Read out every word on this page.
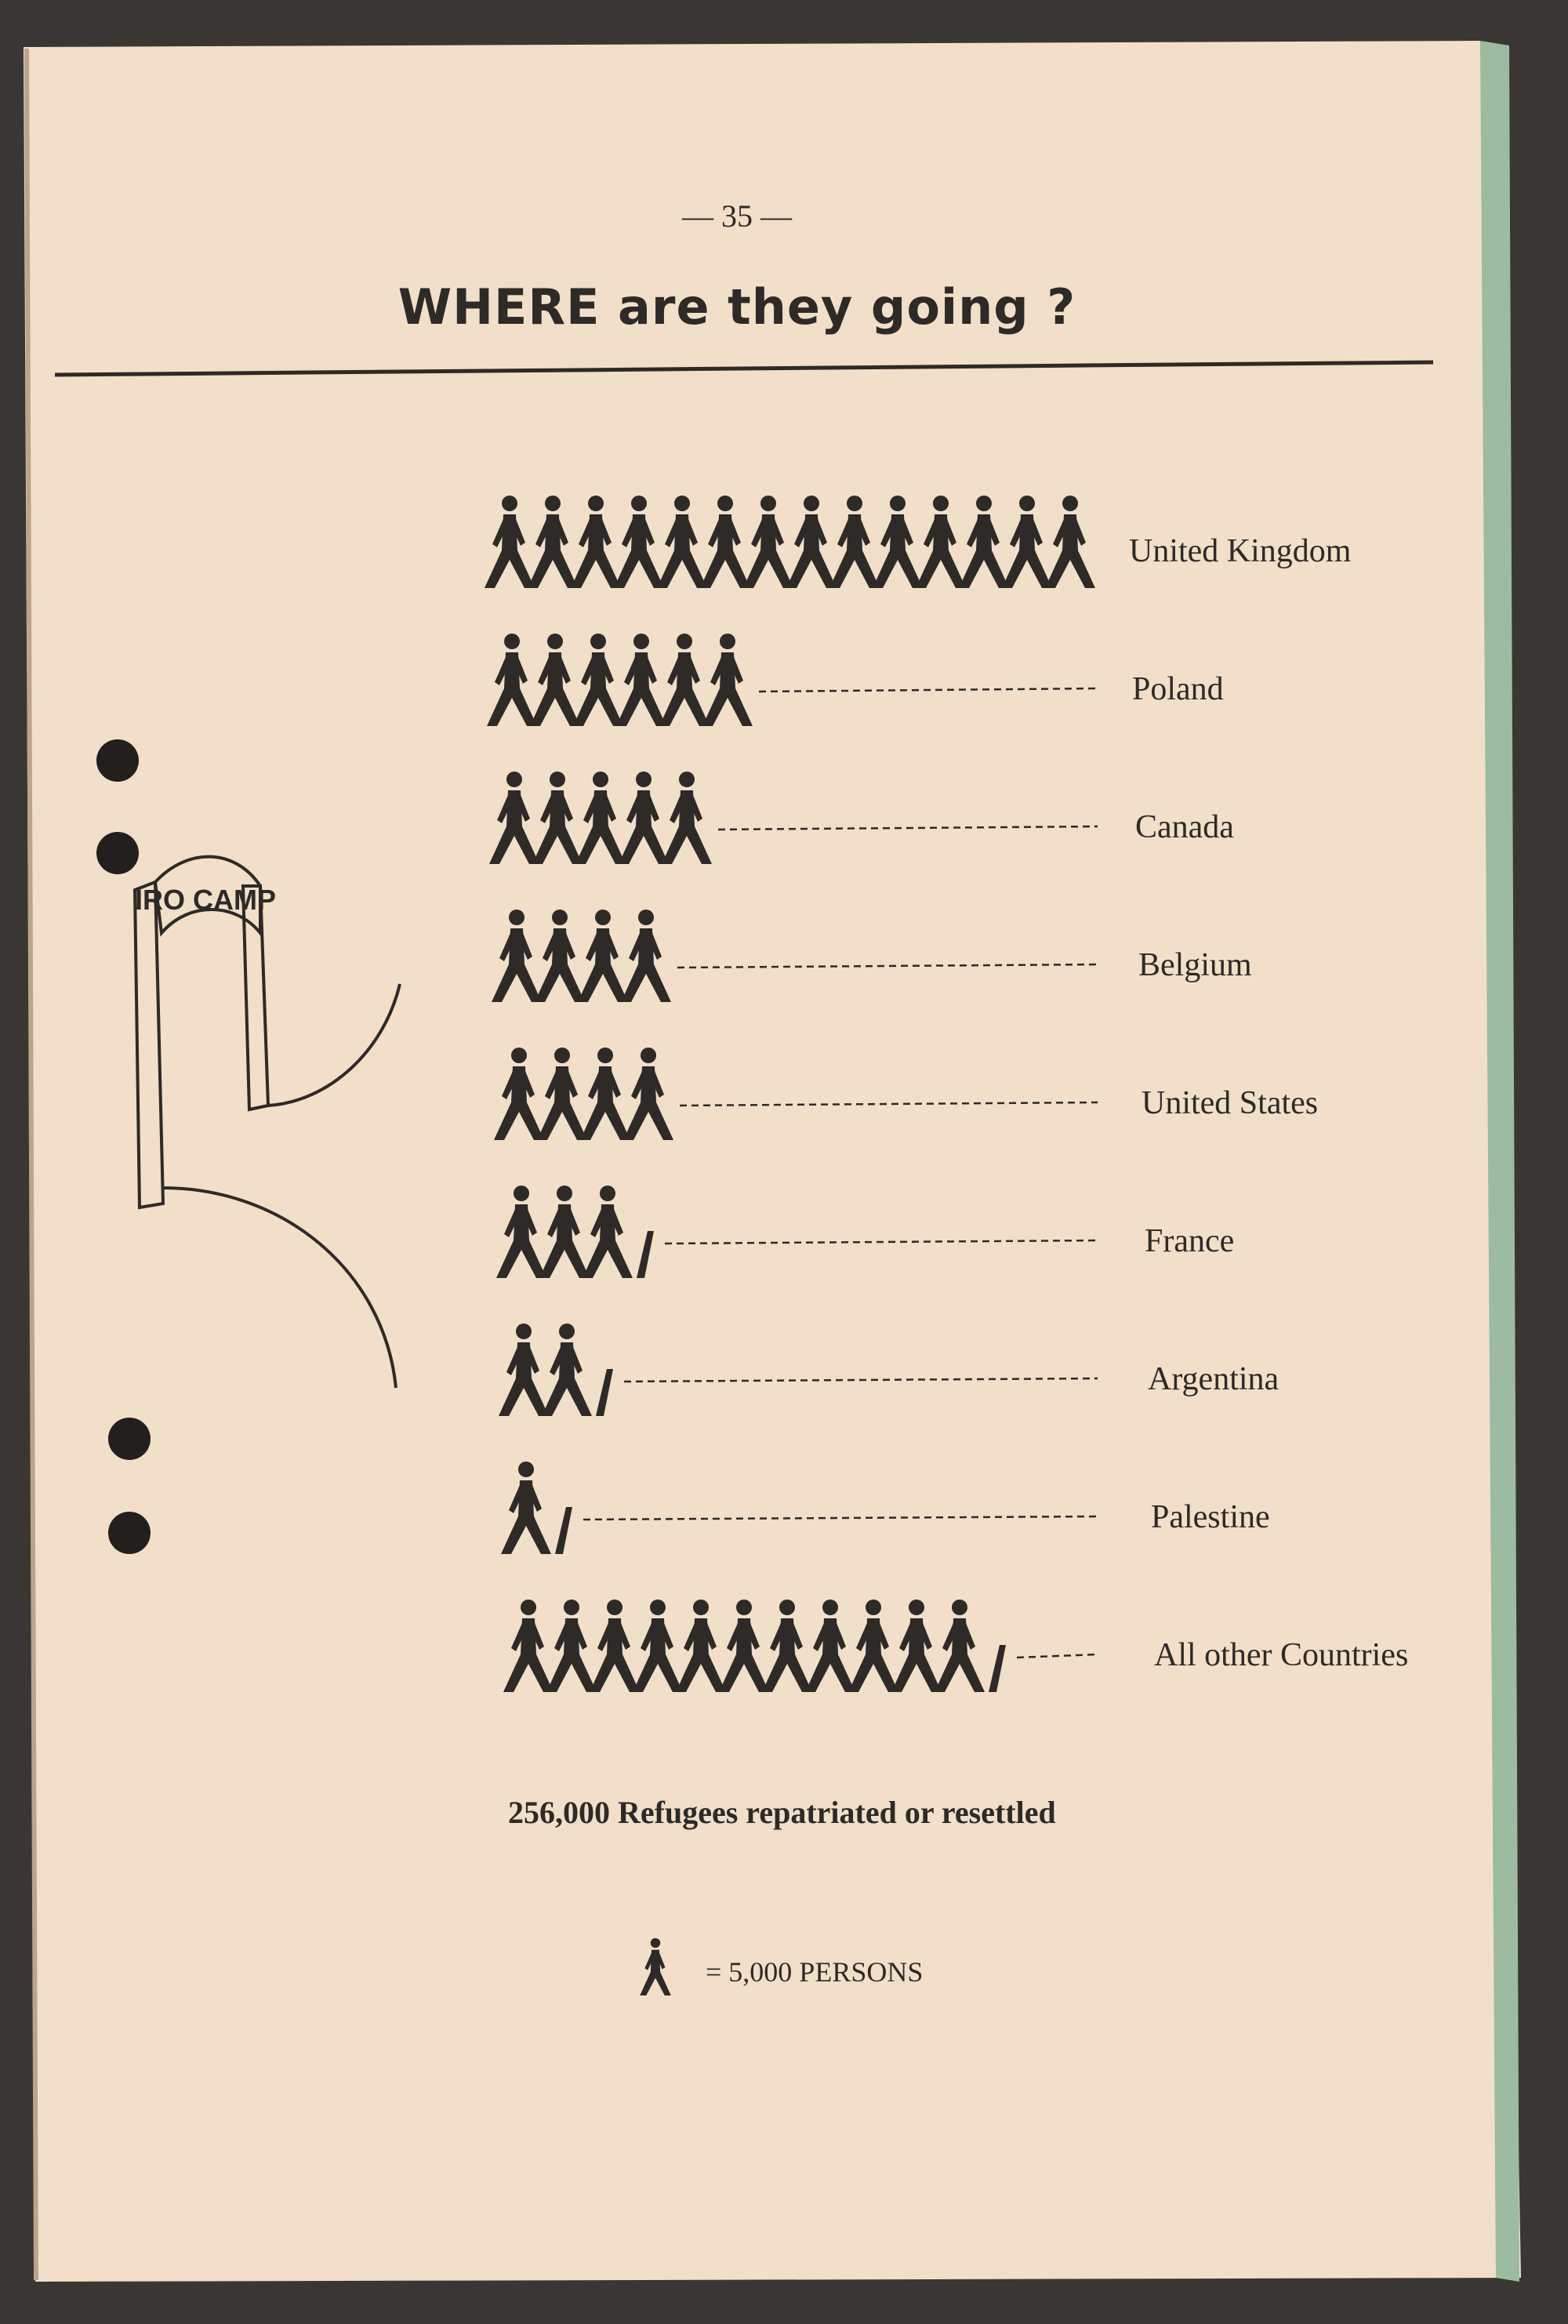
IRO CAMP
United Kingdom
Poland
Canada
Belgium
United States
France
Argentina
Palestine
All other Countries
— 35 —
WHERE are they going ?
256,000 Refugees repatriated or resettled
= 5,000 PERSONS
